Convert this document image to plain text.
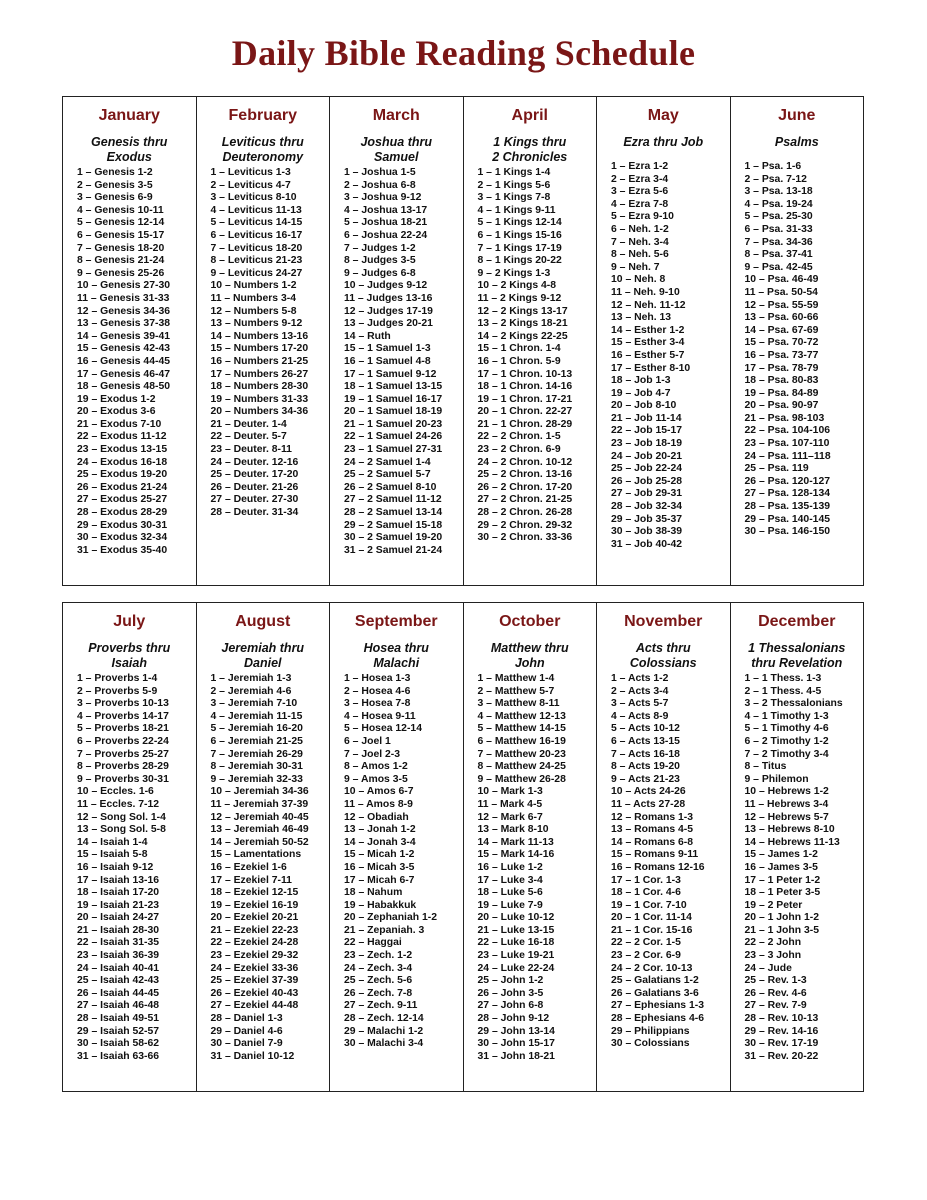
Daily Bible Reading Schedule
January
Genesis thru
Exodus
1 – Genesis 1-2
2 – Genesis 3-5
3 – Genesis 6-9
4 – Genesis 10-11
5 – Genesis 12-14
6 – Genesis 15-17
7 – Genesis 18-20
8 – Genesis 21-24
9 – Genesis 25-26
10 – Genesis 27-30
11 – Genesis 31-33
12 – Genesis 34-36
13 – Genesis 37-38
14 – Genesis 39-41
15 – Genesis 42-43
16 – Genesis 44-45
17 – Genesis 46-47
18 – Genesis 48-50
19 – Exodus 1-2
20 – Exodus 3-6
21 – Exodus 7-10
22 – Exodus 11-12
23 – Exodus 13-15
24 – Exodus 16-18
25 – Exodus 19-20
26 – Exodus 21-24
27 – Exodus 25-27
28 – Exodus 28-29
29 – Exodus 30-31
30 – Exodus 32-34
31 – Exodus 35-40
February
Leviticus thru
Deuteronomy
1 – Leviticus 1-3
2 – Leviticus 4-7
3 – Leviticus 8-10
4 – Leviticus 11-13
5 – Leviticus 14-15
6 – Leviticus 16-17
7 – Leviticus 18-20
8 – Leviticus 21-23
9 – Leviticus 24-27
10 – Numbers 1-2
11 – Numbers 3-4
12 – Numbers 5-8
13 – Numbers 9-12
14 – Numbers 13-16
15 – Numbers 17-20
16 – Numbers 21-25
17 – Numbers 26-27
18 – Numbers 28-30
19 – Numbers 31-33
20 – Numbers 34-36
21 – Deuter. 1-4
22 – Deuter. 5-7
23 – Deuter. 8-11
24 – Deuter. 12-16
25 – Deuter. 17-20
26 – Deuter. 21-26
27 – Deuter. 27-30
28 – Deuter. 31-34
March
Joshua thru
Samuel
1 – Joshua 1-5
2 – Joshua 6-8
3 – Joshua 9-12
4 – Joshua 13-17
5 – Joshua 18-21
6 – Joshua 22-24
7 – Judges 1-2
8 – Judges 3-5
9 – Judges 6-8
10 – Judges 9-12
11 – Judges 13-16
12 – Judges 17-19
13 – Judges 20-21
14 – Ruth
15 – 1 Samuel 1-3
16 – 1 Samuel 4-8
17 – 1 Samuel 9-12
18 – 1 Samuel 13-15
19 – 1 Samuel 16-17
20 – 1 Samuel 18-19
21 – 1 Samuel 20-23
22 – 1 Samuel 24-26
23 – 1 Samuel 27-31
24 – 2 Samuel 1-4
25 – 2 Samuel 5-7
26 – 2 Samuel 8-10
27 – 2 Samuel 11-12
28 – 2 Samuel 13-14
29 – 2 Samuel 15-18
30 – 2 Samuel 19-20
31 – 2 Samuel 21-24
April
1 Kings thru
2 Chronicles
1 – 1 Kings 1-4
2 – 1 Kings 5-6
3 – 1 Kings 7-8
4 – 1 Kings 9-11
5 – 1 Kings 12-14
6 – 1 Kings 15-16
7 – 1 Kings 17-19
8 – 1 Kings 20-22
9 – 2 Kings 1-3
10 – 2 Kings 4-8
11 – 2 Kings 9-12
12 – 2 Kings 13-17
13 – 2 Kings 18-21
14 – 2 Kings 22-25
15 – 1 Chron. 1-4
16 – 1 Chron. 5-9
17 – 1 Chron. 10-13
18 – 1 Chron. 14-16
19 – 1 Chron. 17-21
20 – 1 Chron. 22-27
21 – 1 Chron. 28-29
22 – 2 Chron. 1-5
23 – 2 Chron. 6-9
24 – 2 Chron. 10-12
25 – 2 Chron. 13-16
26 – 2 Chron. 17-20
27 – 2 Chron. 21-25
28 – 2 Chron. 26-28
29 – 2 Chron. 29-32
30 – 2 Chron. 33-36
May
Ezra thru Job
1 – Ezra 1-2
2 – Ezra 3-4
3 – Ezra 5-6
4 – Ezra 7-8
5 – Ezra 9-10
6 – Neh. 1-2
7 – Neh. 3-4
8 – Neh. 5-6
9 – Neh. 7
10 – Neh. 8
11 – Neh. 9-10
12 – Neh. 11-12
13 – Neh. 13
14 – Esther 1-2
15 – Esther 3-4
16 – Esther 5-7
17 – Esther 8-10
18 – Job 1-3
19 – Job 4-7
20 – Job 8-10
21 – Job 11-14
22 – Job 15-17
23 – Job 18-19
24 – Job 20-21
25 – Job 22-24
26 – Job 25-28
27 – Job 29-31
28 – Job 32-34
29 – Job 35-37
30 – Job 38-39
31 – Job 40-42
June
Psalms
1 – Psa. 1-6
2 – Psa. 7-12
3 – Psa. 13-18
4 – Psa. 19-24
5 – Psa. 25-30
6 – Psa. 31-33
7 – Psa. 34-36
8 – Psa. 37-41
9 – Psa. 42-45
10 – Psa. 46-49
11 – Psa. 50-54
12 – Psa. 55-59
13 – Psa. 60-66
14 – Psa. 67-69
15 – Psa. 70-72
16 – Psa. 73-77
17 – Psa. 78-79
18 – Psa. 80-83
19 – Psa. 84-89
20 – Psa. 90-97
21 – Psa. 98-103
22 – Psa. 104-106
23 – Psa. 107-110
24 – Psa. 111–118
25 – Psa. 119
26 – Psa. 120-127
27 – Psa. 128-134
28 – Psa. 135-139
29 – Psa. 140-145
30 – Psa. 146-150
July
Proverbs thru
Isaiah
1 – Proverbs 1-4
2 – Proverbs 5-9
3 – Proverbs 10-13
4 – Proverbs 14-17
5 – Proverbs 18-21
6 – Proverbs 22-24
7 – Proverbs 25-27
8 – Proverbs 28-29
9 – Proverbs 30-31
10 – Eccles. 1-6
11 – Eccles. 7-12
12 – Song Sol. 1-4
13 – Song Sol. 5-8
14 – Isaiah 1-4
15 – Isaiah 5-8
16 – Isaiah 9-12
17 – Isaiah 13-16
18 – Isaiah 17-20
19 – Isaiah 21-23
20 – Isaiah 24-27
21 – Isaiah 28-30
22 – Isaiah 31-35
23 – Isaiah 36-39
24 – Isaiah 40-41
25 – Isaiah 42-43
26 – Isaiah 44-45
27 – Isaiah 46-48
28 – Isaiah 49-51
29 – Isaiah 52-57
30 – Isaiah 58-62
31 – Isaiah 63-66
August
Jeremiah thru
Daniel
1 – Jeremiah 1-3
2 – Jeremiah 4-6
3 – Jeremiah 7-10
4 – Jeremiah 11-15
5 – Jeremiah 16-20
6 – Jeremiah 21-25
7 – Jeremiah 26-29
8 – Jeremiah 30-31
9 – Jeremiah 32-33
10 – Jeremiah 34-36
11 – Jeremiah 37-39
12 – Jeremiah 40-45
13 – Jeremiah 46-49
14 – Jeremiah 50-52
15 – Lamentations
16 – Ezekiel 1-6
17 – Ezekiel 7-11
18 – Ezekiel 12-15
19 – Ezekiel 16-19
20 – Ezekiel 20-21
21 – Ezekiel 22-23
22 – Ezekiel 24-28
23 – Ezekiel 29-32
24 – Ezekiel 33-36
25 – Ezekiel 37-39
26 – Ezekiel 40-43
27 – Ezekiel 44-48
28 – Daniel 1-3
29 – Daniel 4-6
30 – Daniel 7-9
31 – Daniel 10-12
September
Hosea thru
Malachi
1 – Hosea 1-3
2 – Hosea 4-6
3 – Hosea 7-8
4 – Hosea 9-11
5 – Hosea 12-14
6 – Joel 1
7 – Joel 2-3
8 – Amos 1-2
9 – Amos 3-5
10 – Amos 6-7
11 – Amos 8-9
12 – Obadiah
13 – Jonah 1-2
14 – Jonah 3-4
15 – Micah 1-2
16 – Micah 3-5
17 – Micah 6-7
18 – Nahum
19 – Habakkuk
20 – Zephaniah 1-2
21 – Zepaniah. 3
22 – Haggai
23 – Zech. 1-2
24 – Zech. 3-4
25 – Zech. 5-6
26 – Zech. 7-8
27 – Zech. 9-11
28 – Zech. 12-14
29 – Malachi 1-2
30 – Malachi 3-4
October
Matthew thru
John
1 – Matthew 1-4
2 – Matthew 5-7
3 – Matthew 8-11
4 – Matthew 12-13
5 – Matthew 14-15
6 – Matthew 16-19
7 – Matthew 20-23
8 – Matthew 24-25
9 – Matthew 26-28
10 – Mark 1-3
11 – Mark 4-5
12 – Mark 6-7
13 – Mark 8-10
14 – Mark 11-13
15 – Mark 14-16
16 – Luke 1-2
17 – Luke 3-4
18 – Luke 5-6
19 – Luke 7-9
20 – Luke 10-12
21 – Luke 13-15
22 – Luke 16-18
23 – Luke 19-21
24 – Luke 22-24
25 – John 1-2
26 – John 3-5
27 – John 6-8
28 – John 9-12
29 – John 13-14
30 – John 15-17
31 – John 18-21
November
Acts thru
Colossians
1 – Acts 1-2
2 – Acts 3-4
3 – Acts 5-7
4 – Acts 8-9
5 – Acts 10-12
6 – Acts 13-15
7 – Acts 16-18
8 – Acts 19-20
9 – Acts 21-23
10 – Acts 24-26
11 – Acts 27-28
12 – Romans 1-3
13 – Romans 4-5
14 – Romans 6-8
15 – Romans 9-11
16 – Romans 12-16
17 – 1 Cor. 1-3
18 – 1 Cor. 4-6
19 – 1 Cor. 7-10
20 – 1 Cor. 11-14
21 – 1 Cor. 15-16
22 – 2 Cor. 1-5
23 – 2 Cor. 6-9
24 – 2 Cor. 10-13
25 – Galatians 1-2
26 – Galatians 3-6
27 – Ephesians 1-3
28 – Ephesians 4-6
29 – Philippians
30 – Colossians
December
1 Thessalonians
thru Revelation
1 – 1 Thess. 1-3
2 – 1 Thess. 4-5
3 – 2 Thessalonians
4 – 1 Timothy 1-3
5 – 1 Timothy 4-6
6 – 2 Timothy 1-2
7 – 2 Timothy 3-4
8 – Titus
9 – Philemon
10 – Hebrews 1-2
11 – Hebrews 3-4
12 – Hebrews 5-7
13 – Hebrews 8-10
14 – Hebrews 11-13
15 – James 1-2
16 – James 3-5
17 – 1 Peter 1-2
18 – 1 Peter 3-5
19 – 2 Peter
20 – 1 John 1-2
21 – 1 John 3-5
22 – 2 John
23 – 3 John
24 – Jude
25 – Rev. 1-3
26 – Rev. 4-6
27 – Rev. 7-9
28 – Rev. 10-13
29 – Rev. 14-16
30 – Rev. 17-19
31 – Rev. 20-22
